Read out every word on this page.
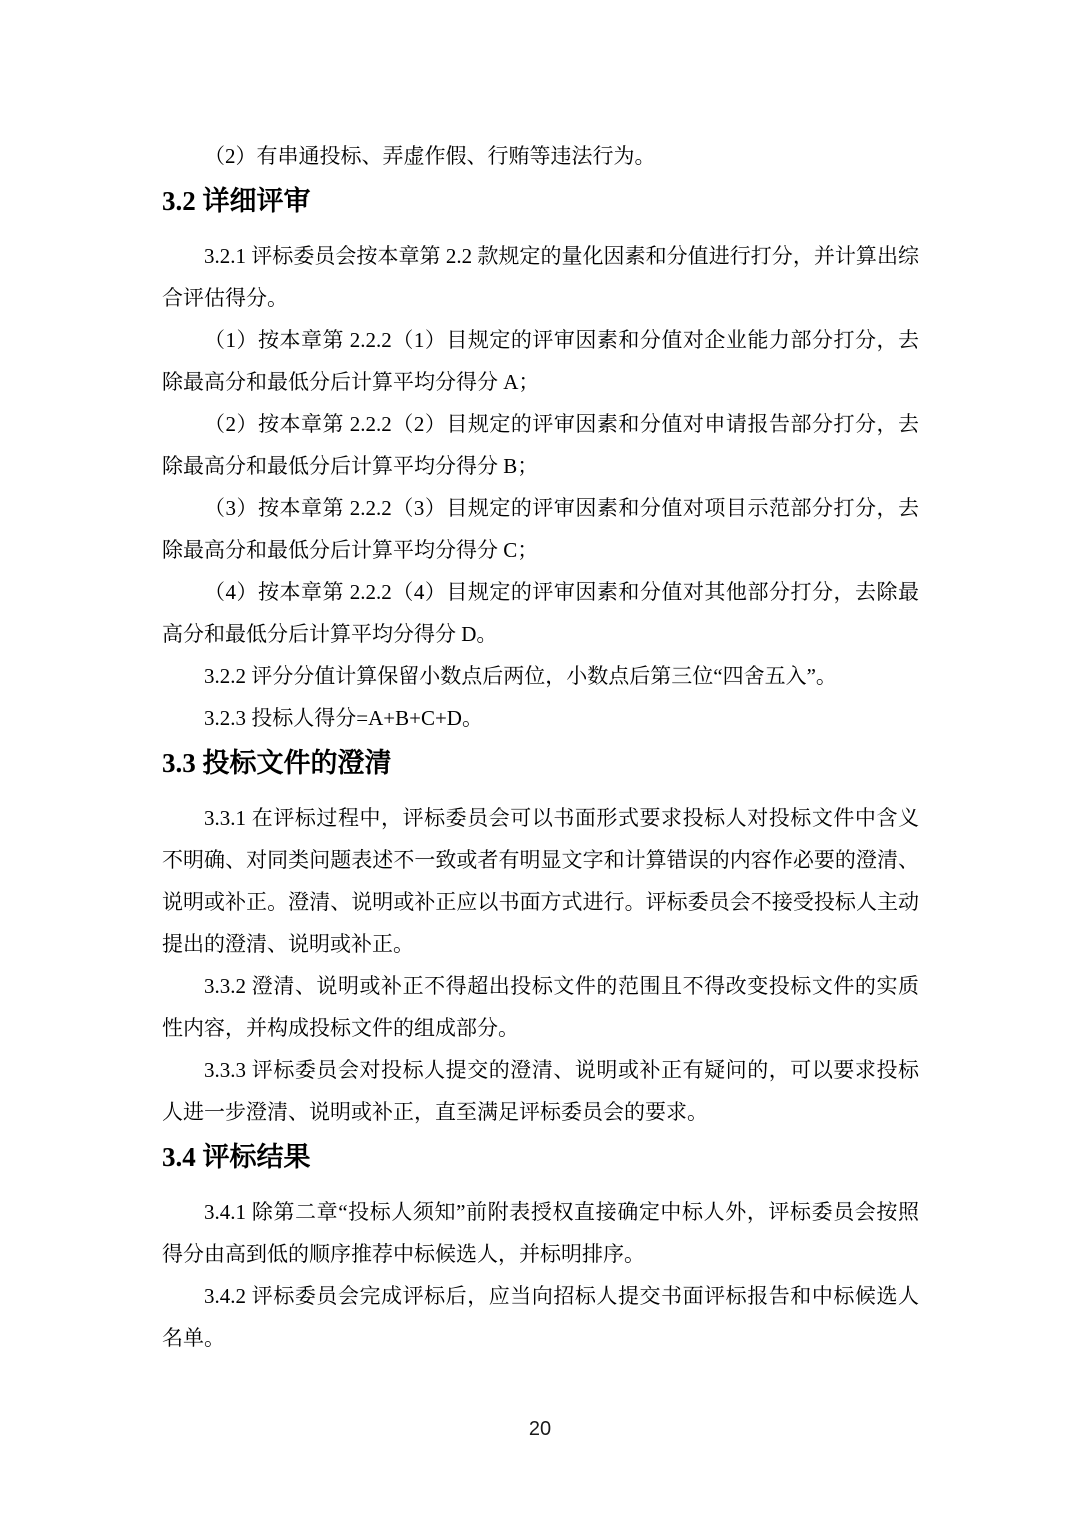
（2）有串通投标、弄虚作假、行贿等违法行为。

3.2 详细评审

3.2.1 评标委员会按本章第 2.2 款规定的量化因素和分值进行打分，并计算出综合评估得分。

（1）按本章第 2.2.2（1）目规定的评审因素和分值对企业能力部分打分，去除最高分和最低分后计算平均分得分 A；

（2）按本章第 2.2.2（2）目规定的评审因素和分值对申请报告部分打分，去除最高分和最低分后计算平均分得分 B；

（3）按本章第 2.2.2（3）目规定的评审因素和分值对项目示范部分打分，去除最高分和最低分后计算平均分得分 C；

（4）按本章第 2.2.2（4）目规定的评审因素和分值对其他部分打分，去除最高分和最低分后计算平均分得分 D。

3.2.2 评分分值计算保留小数点后两位，小数点后第三位“四舍五入”。

3.2.3 投标人得分=A+B+C+D。

3.3 投标文件的澄清

3.3.1 在评标过程中，评标委员会可以书面形式要求投标人对投标文件中含义不明确、对同类问题表述不一致或者有明显文字和计算错误的内容作必要的澄清、说明或补正。澄清、说明或补正应以书面方式进行。评标委员会不接受投标人主动提出的澄清、说明或补正。

3.3.2 澄清、说明或补正不得超出投标文件的范围且不得改变投标文件的实质性内容，并构成投标文件的组成部分。

3.3.3 评标委员会对投标人提交的澄清、说明或补正有疑问的，可以要求投标人进一步澄清、说明或补正，直至满足评标委员会的要求。

3.4 评标结果

3.4.1 除第二章“投标人须知”前附表授权直接确定中标人外，评标委员会按照得分由高到低的顺序推荐中标候选人，并标明排序。

3.4.2 评标委员会完成评标后，应当向招标人提交书面评标报告和中标候选人名单。

20
